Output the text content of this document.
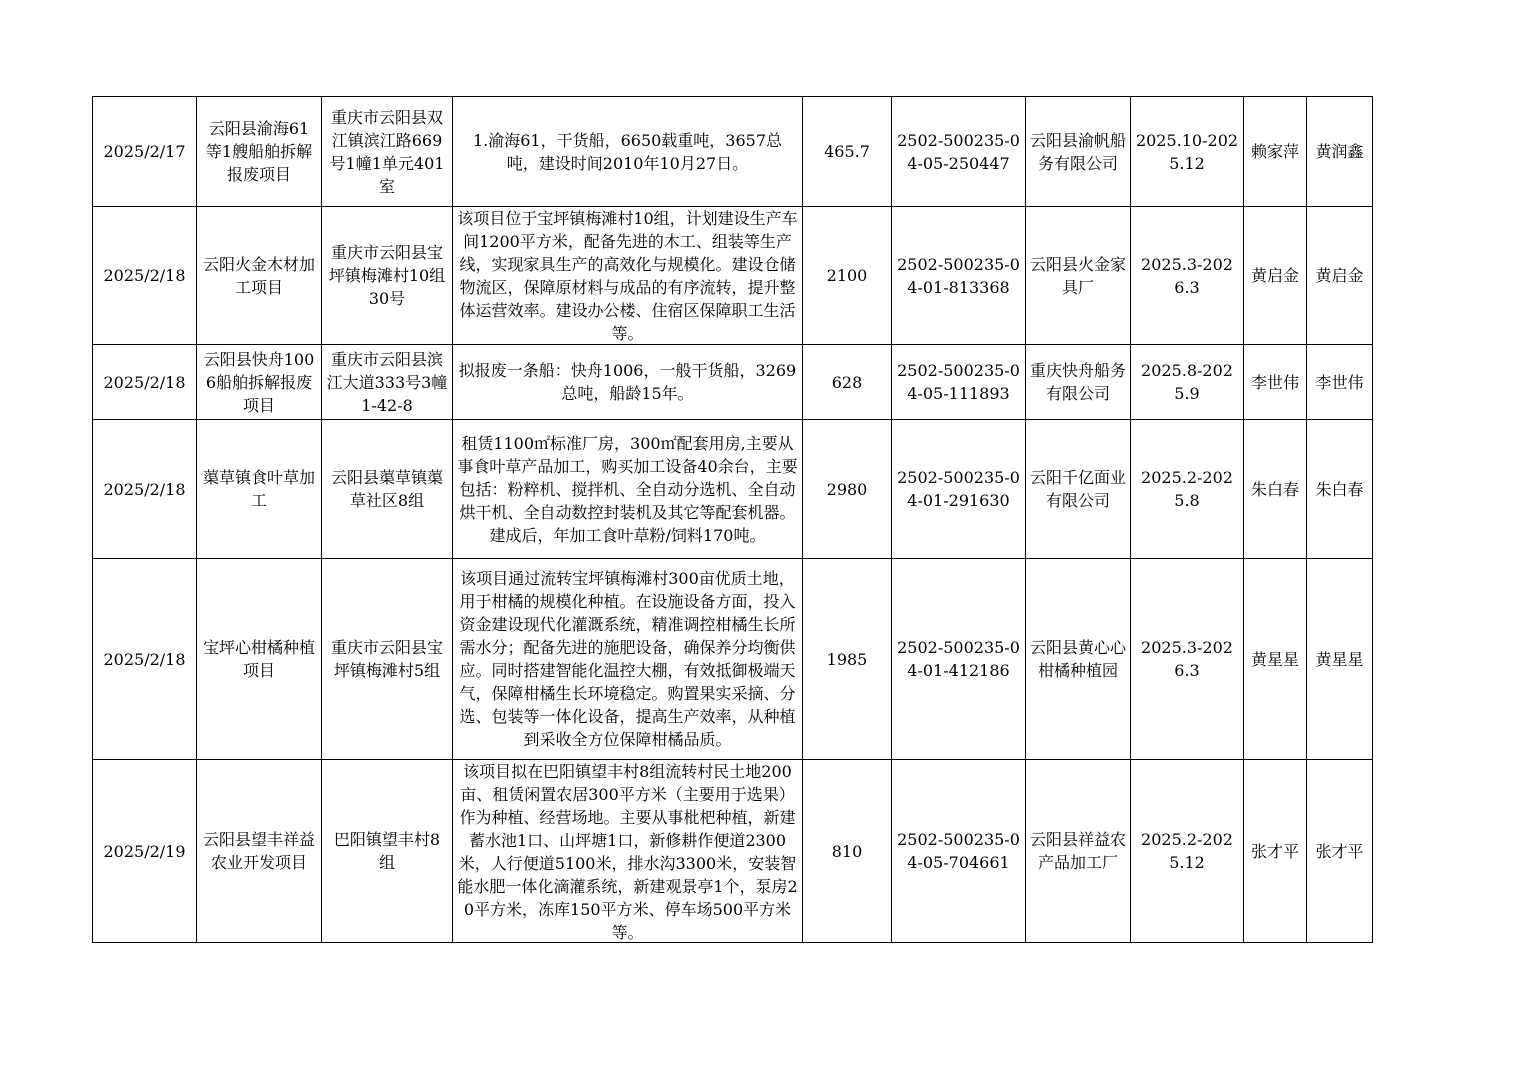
2025/2/17	云阳县渝海61等1艘船舶拆解报废项目	重庆市云阳县双江镇滨江路669号1幢1单元401室	1.渝海61，干货船，6650载重吨，3657总吨，建设时间2010年10月27日。	465.7	2502-500235-04-05-250447	云阳县渝帆船务有限公司	2025.10-2025.12	赖家萍	黄润鑫
2025/2/18	云阳火金木材加工项目	重庆市云阳县宝坪镇梅滩村10组30号	该项目位于宝坪镇梅滩村10组，计划建设生产车间1200平方米，配备先进的木工、组装等生产线，实现家具生产的高效化与规模化。建设仓储物流区，保障原材料与成品的有序流转，提升整体运营效率。建设办公楼、住宿区保障职工生活等。	2100	2502-500235-04-01-813368	云阳县火金家具厂	2025.3-2026.3	黄启金	黄启金
2025/2/18	云阳县快舟1006船舶拆解报废项目	重庆市云阳县滨江大道333号3幢1-42-8	拟报废一条船：快舟1006，一般干货船，3269总吨，船龄15年。	628	2502-500235-04-05-111893	重庆快舟船务有限公司	2025.8-2025.9	李世伟	李世伟
2025/2/18	蕖草镇食叶草加工	云阳县蕖草镇蕖草社区8组	租赁1100㎡标准厂房，300㎡配套用房,主要从事食叶草产品加工，购买加工设备40余台，主要包括：粉粹机、搅拌机、全自动分选机、全自动烘干机、全自动数控封装机及其它等配套机器。建成后，年加工食叶草粉/饲料170吨。	2980	2502-500235-04-01-291630	云阳千亿面业有限公司	2025.2-2025.8	朱白春	朱白春
2025/2/18	宝坪心柑橘种植项目	重庆市云阳县宝坪镇梅滩村5组	该项目通过流转宝坪镇梅滩村300亩优质土地，用于柑橘的规模化种植。在设施设备方面，投入资金建设现代化灌溉系统，精准调控柑橘生长所需水分；配备先进的施肥设备，确保养分均衡供应。同时搭建智能化温控大棚，有效抵御极端天气，保障柑橘生长环境稳定。购置果实采摘、分选、包装等一体化设备，提高生产效率，从种植到采收全方位保障柑橘品质。	1985	2502-500235-04-01-412186	云阳县黄心心柑橘种植园	2025.3-2026.3	黄星星	黄星星
2025/2/19	云阳县望丰祥益农业开发项目	巴阳镇望丰村8组	该项目拟在巴阳镇望丰村8组流转村民土地200亩、租赁闲置农居300平方米（主要用于选果）作为种植、经营场地。主要从事枇杷种植，新建蓄水池1口、山坪塘1口，新修耕作便道2300米，人行便道5100米，排水沟3300米，安装智能水肥一体化滴灌系统，新建观景亭1个，泵房20平方米，冻库150平方米、停车场500平方米等。	810	2502-500235-04-05-704661	云阳县祥益农产品加工厂	2025.2-2025.12	张才平	张才平
